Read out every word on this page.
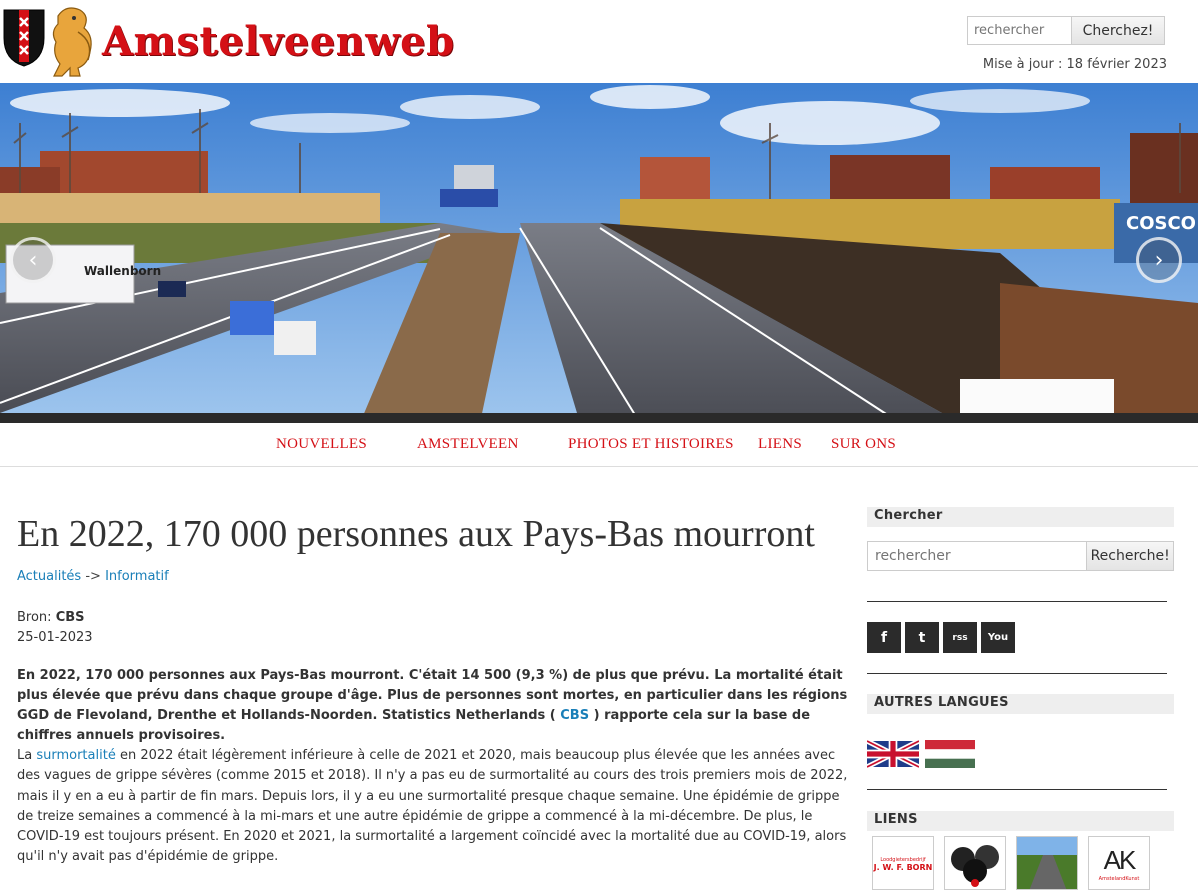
Amstelveenweb
rechercher	Cherchez!
Mise à jour : 18 février 2023
Wallenborn
COSCO
‹	›
NOUVELLES	AMSTELVEEN	PHOTOS ET HISTOIRES LIENS SUR ONS
En 2022, 170 000 personnes aux Pays-Bas mourront
Actualités -> Informatif
Bron: CBS
25-01-2023

En 2022, 170 000 personnes aux Pays-Bas mourront. C'était 14 500 (9,3 %) de plus que prévu. La mortalité était plus élevée que prévu dans chaque groupe d'âge. Plus de personnes sont mortes, en particulier dans les régions GGD de Flevoland, Drenthe et Hollands-Noorden. Statistics Netherlands ( CBS ) rapporte cela sur la base de chiffres annuels provisoires.

La surmortalité en 2022 était légèrement inférieure à celle de 2021 et 2020, mais beaucoup plus élevée que les années avec des vagues de grippe sévères (comme 2015 et 2018). Il n'y a pas eu de surmortalité au cours des trois premiers mois de 2022, mais il y en a eu à partir de fin mars. Depuis lors, il y a eu une surmortalité presque chaque semaine. Une épidémie de grippe de treize semaines a commencé à la mi-mars et une autre épidémie de grippe a commencé à la mi-décembre. De plus, le COVID-19 est toujours présent. En 2020 et 2021, la surmortalité a largement coïncidé avec la mortalité due au COVID-19, alors qu'il n'y avait pas d'épidémie de grippe.

Chercher
rechercher
Recherche!
f	t	rss	You
AUTRES LANGUES
LIENS
Loodgietersbedrijf
J. W. F. BORN	AK
AmstelandKunst
